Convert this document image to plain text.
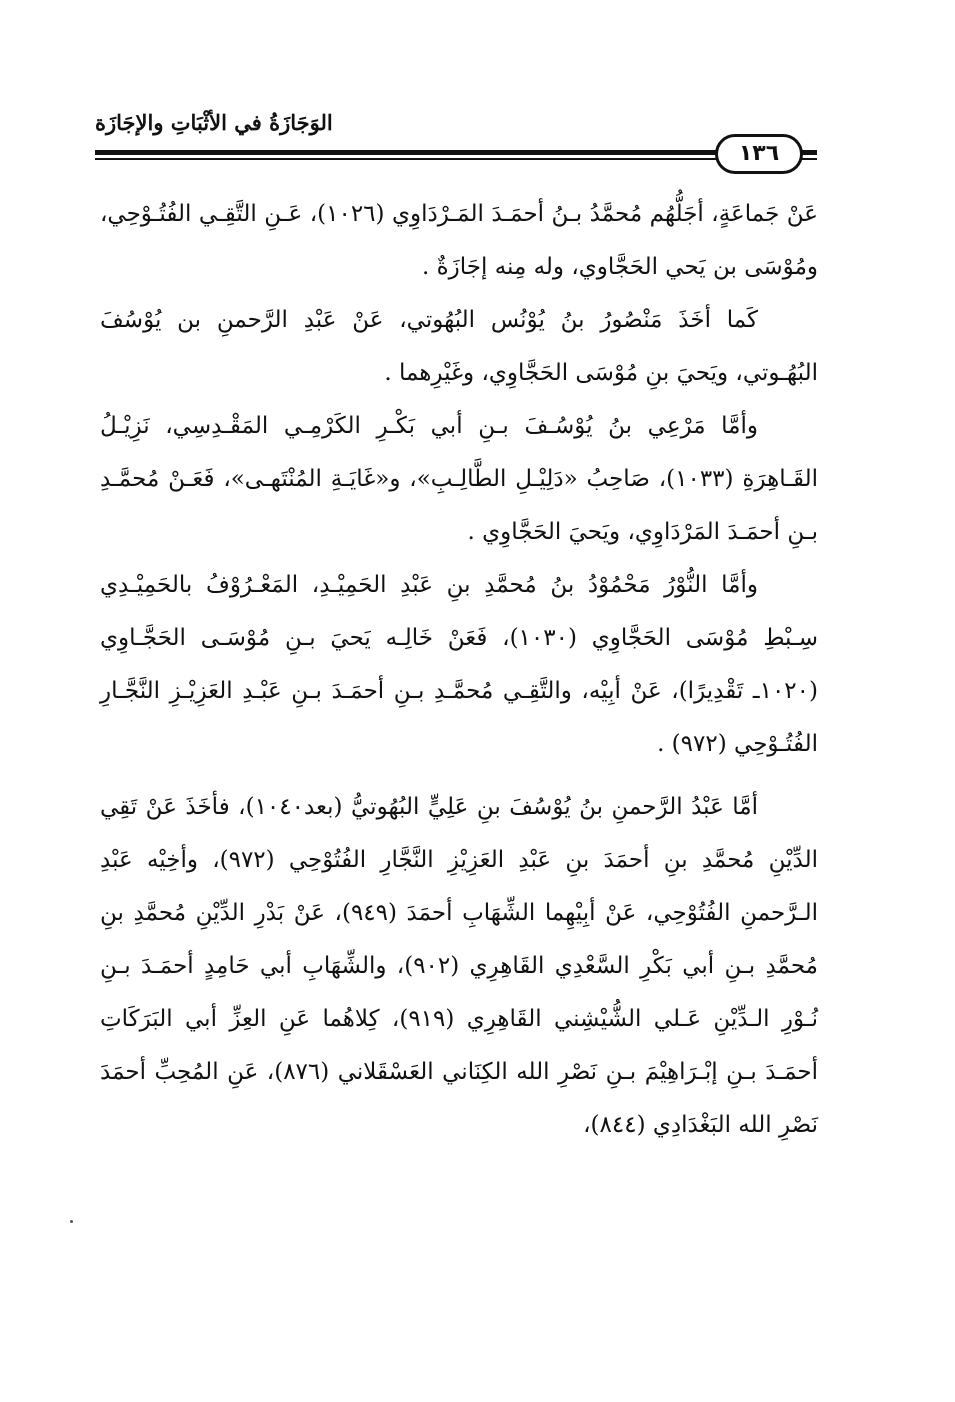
الوَجَازَةُ في الأثْبَاتِ والإجَازَة
١٣٦

عَنْ جَماعَةٍ، أجَلُّهُم مُحمَّدُ بـنُ أحمَـدَ المَـرْدَاوِي (١٠٢٦)، عَـنِ التَّقِـي الفُتُـوْحِي، ومُوْسَى بن يَحي الحَجَّاوي، وله مِنه إجَازَةٌ .

كَما أخَذَ مَنْصُورُ بنُ يُوْنُس البُهُوتي، عَنْ عَبْدِ الرَّحمنِ بن يُوْسُفَ البُهُـوتي، ويَحيَ بنِ مُوْسَى الحَجَّاوِي، وغَيْرِهما .

وأمَّا مَرْعِي بنُ يُوْسُـفَ بـنِ أبي بَكْـرِ الكَرْمِـي المَقْـدِسِي، نَزِيْـلُ القَـاهِرَةِ (١٠٣٣)، صَاحِبُ «دَلِيْـلِ الطَّالِـبِ»، و«غَايَـةِ المُنْتَهـى»، فَعَـنْ مُحمَّـدِ بـنِ أحمَـدَ المَرْدَاوِي، ويَحيَ الحَجَّاوِي .

وأمَّا النُّوْرُ مَحْمُوْدُ بنُ مُحمَّدِ بنِ عَبْدِ الحَمِيْـدِ، المَعْـرُوْفُ بالحَمِيْـدِي سِـبْطِ مُوْسَى الحَجَّاوِي (١٠٣٠)، فَعَنْ خَالِـه يَحيَ بـنِ مُوْسَـى الحَجَّـاوِي (١٠٢٠ـ تَقْدِيرًا)، عَنْ أبِيْه، والتَّقِـي مُحمَّـدِ بـنِ أحمَـدَ بـنِ عَبْـدِ العَزِيْـزِ النَّجَّـارِ الفُتُـوْحِي (٩٧٢) .

أمَّا عَبْدُ الرَّحمنِ بنُ يُوْسُفَ بنِ عَلِيٍّ البُهُوتيُّ (بعد١٠٤٠)، فأخَذَ عَنْ تَقِي الدِّيْنِ مُحمَّدِ بنِ أحمَدَ بنِ عَبْدِ العَزِيْزِ النَّجَّارِ الفُتُوْحِي (٩٧٢)، وأخِيْه عَبْدِ الـرَّحمنِ الفُتُوْحِي، عَنْ أبِيْهِما الشِّهَابِ أحمَدَ (٩٤٩)، عَنْ بَدْرِ الدِّيْنِ مُحمَّدِ بنِ مُحمَّدِ بـنِ أبي بَكْرِ السَّعْدِي القَاهِرِي (٩٠٢)، والشِّهَابِ أبي حَامِدٍ أحمَـدَ بـنِ نُـوْرِ الـدِّيْنِ عَـلي الشُّيْشِني القَاهِرِي (٩١٩)، كِلاهُما عَنِ العِزِّ أبي البَرَكَاتِ أحمَـدَ بـنِ إبْـرَاهِيْمَ بـنِ نَصْرِ الله الكِنَاني العَسْقَلاني (٨٧٦)، عَنِ المُحِبِّ أحمَدَ نَصْرِ الله البَغْدَادِي (٨٤٤)،
